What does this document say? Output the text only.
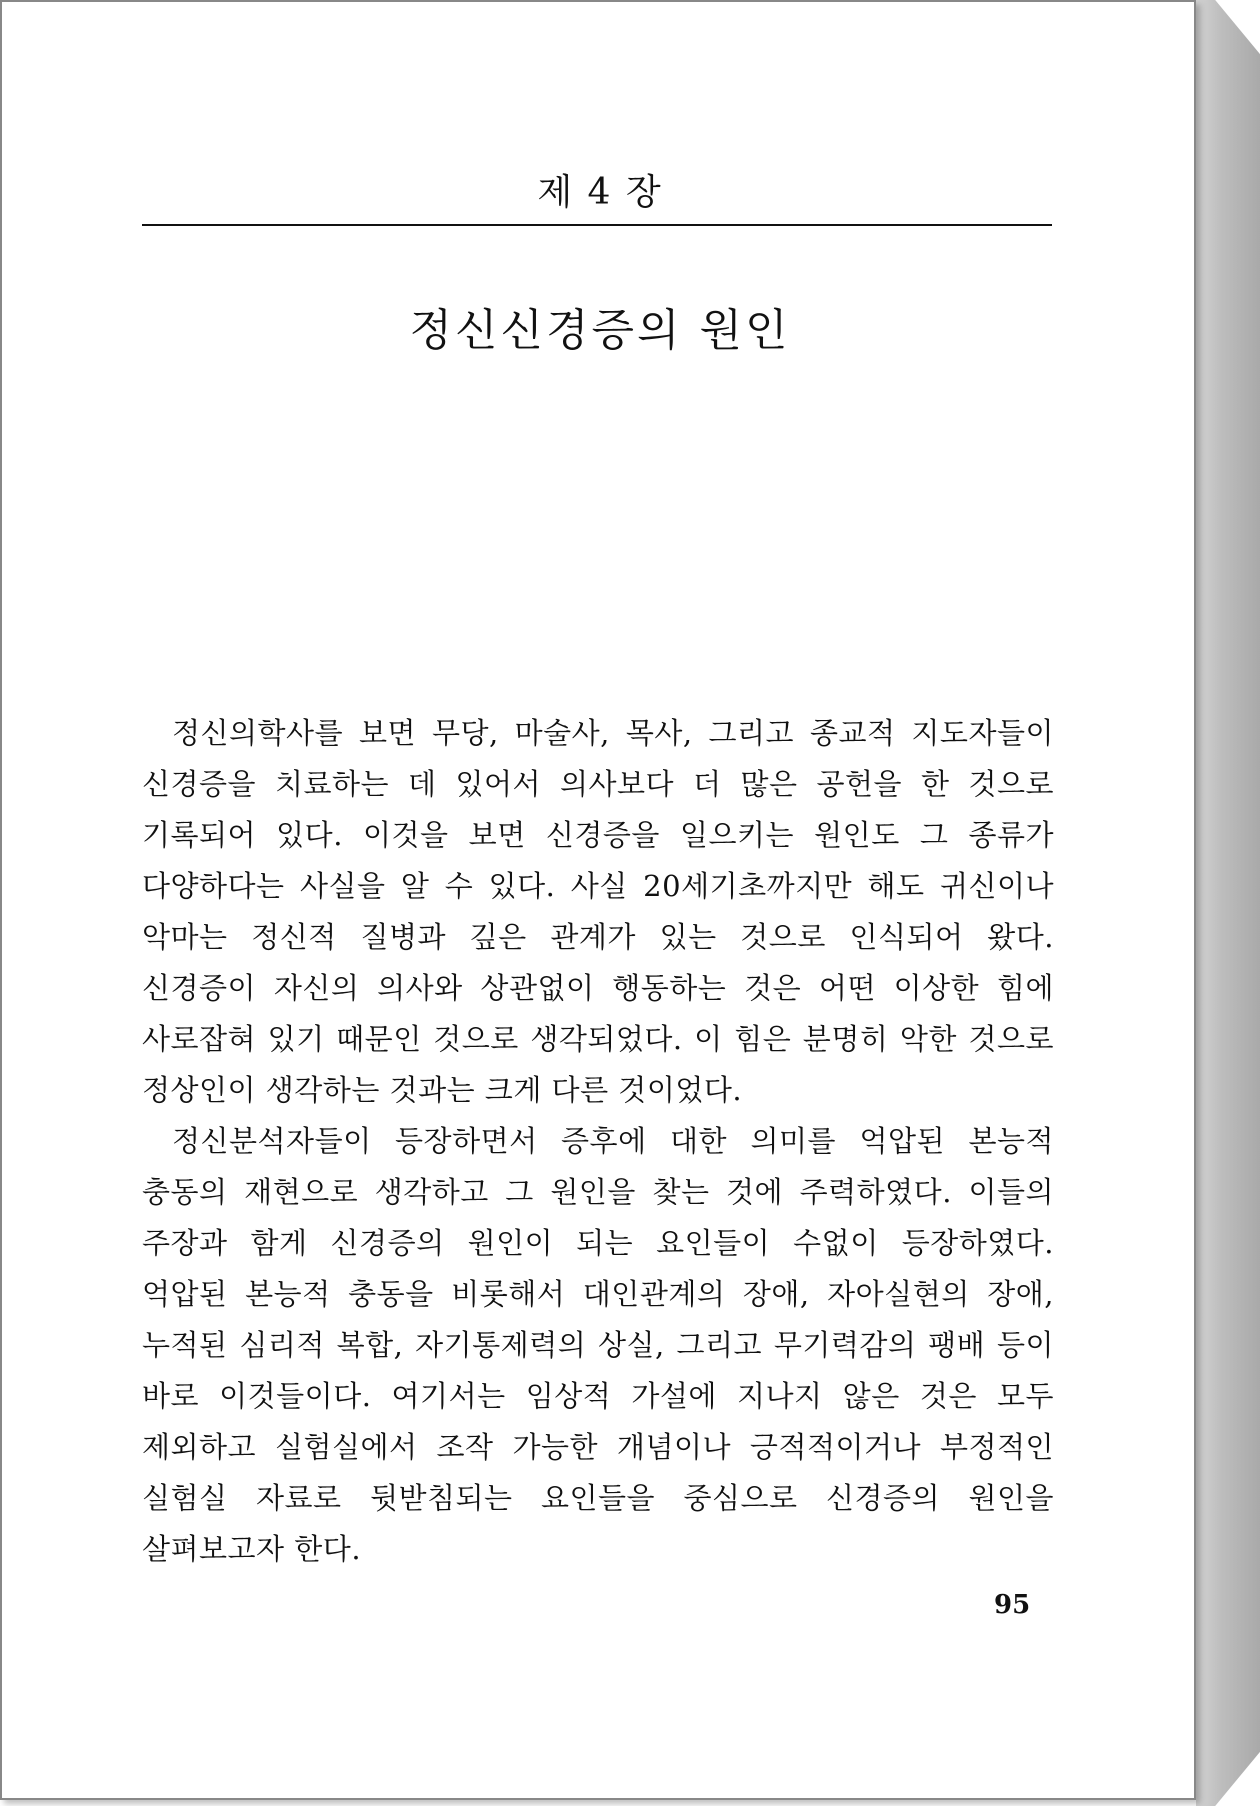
제 4 장
정신신경증의 원인

정신의학사를 보면 무당, 마술사, 목사, 그리고 종교적 지도자들이 신경증을 치료하는 데 있어서 의사보다 더 많은 공헌을 한 것으로 기록되어 있다. 이것을 보면 신경증을 일으키는 원인도 그 종류가 다양하다는 사실을 알 수 있다. 사실 20세기초까지만 해도 귀신이나 악마는 정신적 질병과 깊은 관계가 있는 것으로 인식되어 왔다. 신경증이 자신의 의사와 상관없이 행동하는 것은 어떤 이상한 힘에 사로잡혀 있기 때문인 것으로 생각되었다. 이 힘은 분명히 악한 것으로 정상인이 생각하는 것과는 크게 다른 것이었다.

정신분석자들이 등장하면서 증후에 대한 의미를 억압된 본능적 충동의 재현으로 생각하고 그 원인을 찾는 것에 주력하였다. 이들의 주장과 함게 신경증의 원인이 되는 요인들이 수없이 등장하였다. 억압된 본능적 충동을 비롯해서 대인관계의 장애, 자아실현의 장애, 누적된 심리적 복합, 자기통제력의 상실, 그리고 무기력감의 팽배 등이 바로 이것들이다. 여기서는 임상적 가설에 지나지 않은 것은 모두 제외하고 실험실에서 조작 가능한 개념이나 긍적적이거나 부정적인 실험실 자료로 뒷받침되는 요인들을 중심으로 신경증의 원인을 살펴보고자 한다.

95
